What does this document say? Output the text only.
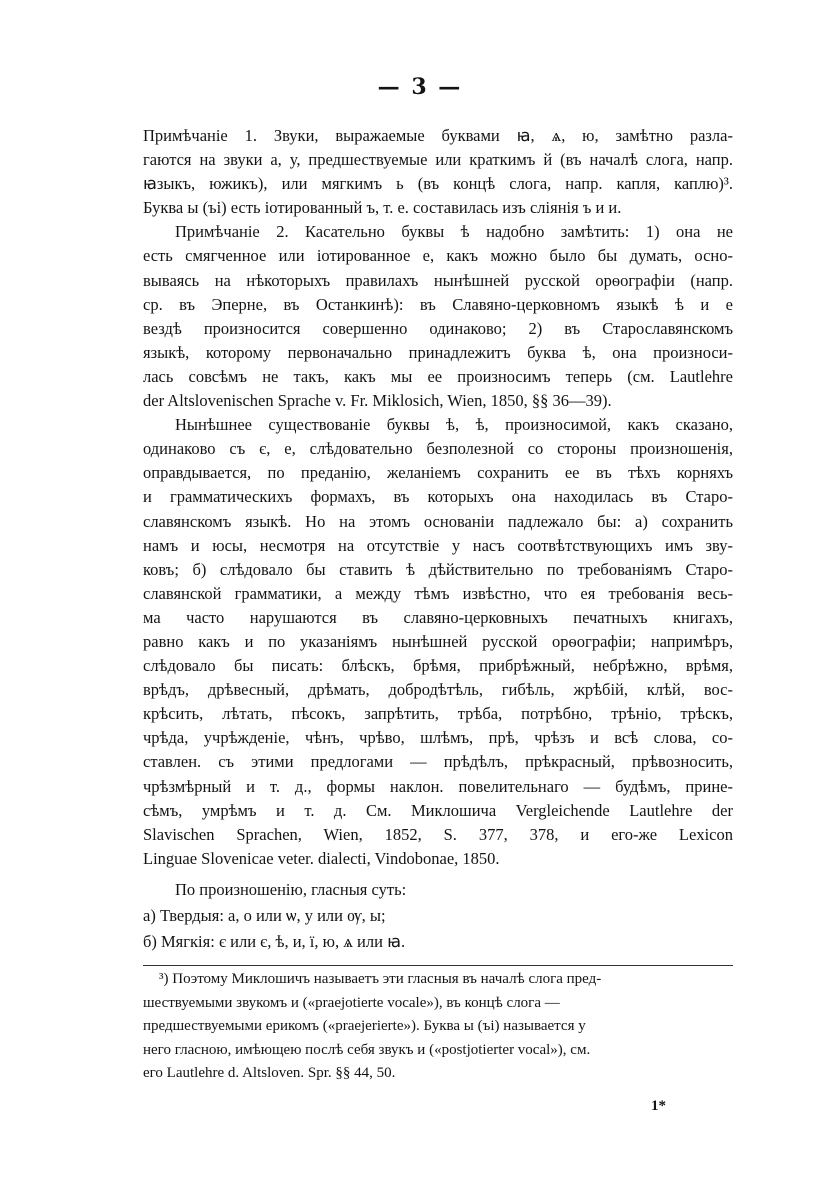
— 3 —

Примѣчаніе 1. Звуки, выражаемые буквами ꙗ, ѧ, ю, замѣтно разла-

гаются на звуки а, у, предшествуемые или краткимъ й (въ началѣ слога, напр.

ꙗзыкъ, южикъ), или мягкимъ ь (въ концѣ слога, напр. капля, каплю)³.

Буква ы (ъі) есть іотированный ъ, т. е. составилась изъ сліянія ъ и и.

Примѣчаніе 2. Касательно буквы ѣ надобно замѣтить: 1) она не

есть смягченное или іотированное е, какъ можно было бы думать, осно-

вываясь на нѣкоторыхъ правилахъ нынѣшней русской орѳографіи (напр.

ср. въ Эперне, въ Останкинѣ): въ Славяно-церковномъ языкѣ ѣ и е

вездѣ произносится совершенно одинаково; 2) въ Старославянскомъ

языкѣ, которому первоначально принадлежитъ буква ѣ, она произноси-

лась совсѣмъ не такъ, какъ мы ее произносимъ теперь (см. Lautlehre

der Altslovenischen Sprache v. Fr. Miklosich, Wien, 1850, §§ 36—39).

Нынѣшнее существованіе буквы ѣ, ѣ, произносимой, какъ сказано,

одинаково съ є, е, слѣдовательно безполезной со стороны произношенія,

оправдывается, по преданію, желаніемъ сохранить ее въ тѣхъ корняхъ

и грамматическихъ формахъ, въ которыхъ она находилась въ Старо-

славянскомъ языкѣ. Но на этомъ основаніи падлежало бы: а) сохранить

намъ и юсы, несмотря на отсутствіе у насъ соотвѣтствующихъ имъ зву-

ковъ; б) слѣдовало бы ставить ѣ дѣйствительно по требованіямъ Старо-

славянской грамматики, а между тѣмъ извѣстно, что ея требованія весь-

ма часто нарушаются въ славяно-церковныхъ печатныхъ книгахъ,

равно какъ и по указаніямъ нынѣшней русской орѳографіи; напримѣръ,

слѣдовало бы писать: блѣскъ, брѣмя, прибрѣжный, небрѣжно, врѣмя,

врѣдъ, дрѣвесный, дрѣмать, добродѣтѣль, гибѣль, жрѣбій, клѣй, вос-

крѣсить, лѣтать, пѣсокъ, запрѣтить, трѣба, потрѣбно, трѣніо, трѣскъ,

чрѣда, учрѣжденіе, чѣнъ, чрѣво, шлѣмъ, прѣ, чрѣзъ и всѣ слова, со-

ставлен. съ этими предлогами — прѣдѣлъ, прѣкрасный, прѣвозносить,

чрѣзмѣрный и т. д., формы наклон. повелительнаго — будѣмъ, прине-

сѣмъ, умрѣмъ и т. д. См. Миклошича Vergleichende Lautlehre der

Slavischen Sprachen, Wien, 1852, S. 377, 378, и его-же Lexicon

Linguae Slovenicae veter. dialecti, Vindobonae, 1850.

По произношенію, гласныя суть:

а) Твердыя: а, о или ѡ, у или ѹ, ы;

б) Мягкія: є или є, ѣ, и, ї, ю, ѧ или ꙗ.

³) Поэтому Миклошичъ называетъ эти гласныя въ началѣ слога пред-

шествуемыми звукомъ и («praejotierte vocale»), въ концѣ слога —

предшествуемыми ерикомъ («praejerierte»). Буква ы (ъі) называется у

него гласною, имѣющею послѣ себя звукъ и («postjotierter vocal»), см.

его Lautlehre d. Altsloven. Spr. §§ 44, 50.

1*
